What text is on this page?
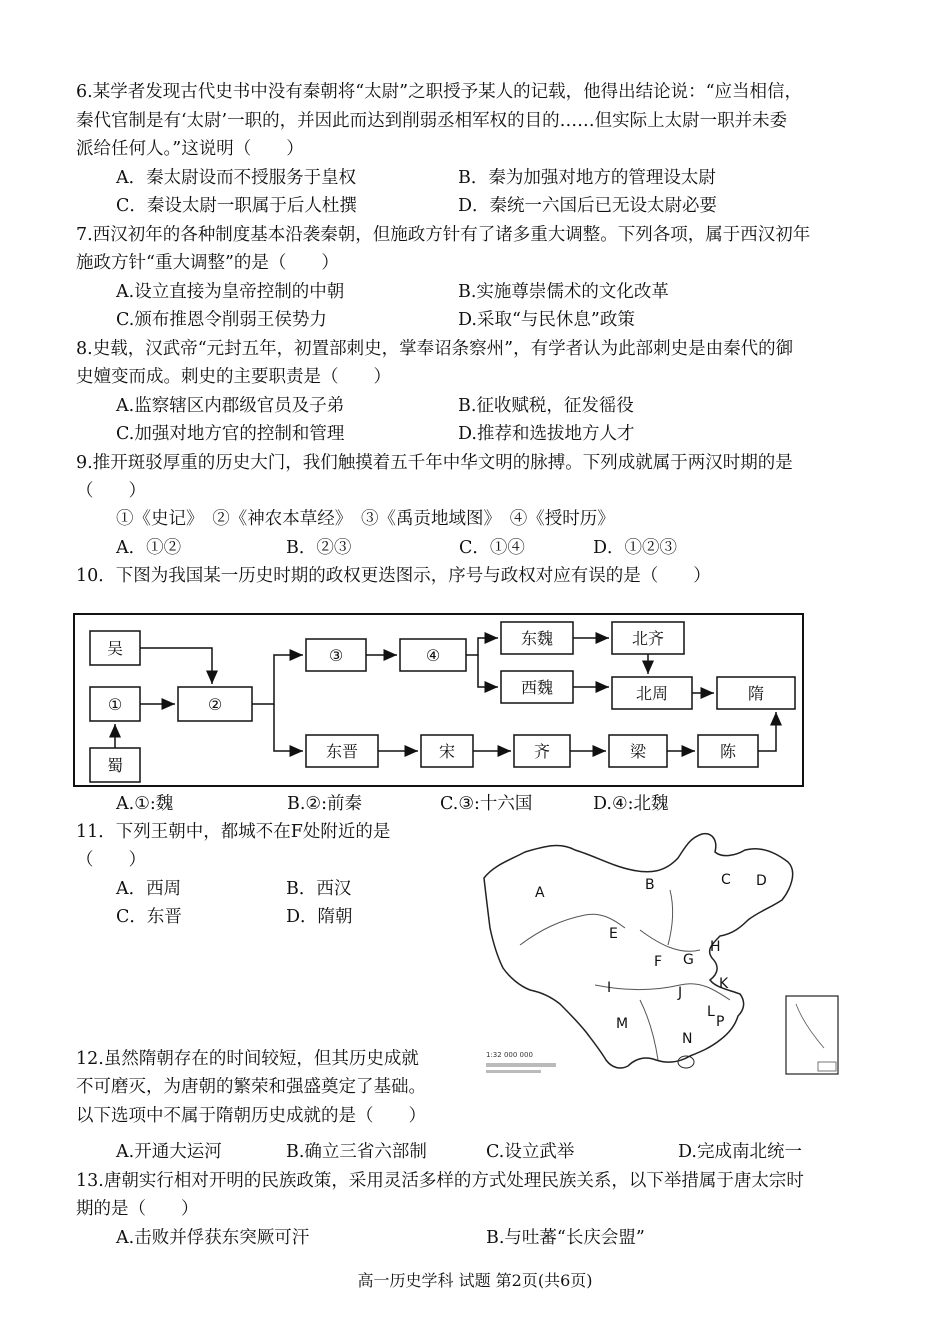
6.某学者发现古代史书中没有秦朝将“太尉”之职授予某人的记载，他得出结论说：“应当相信，
秦代官制是有‘太尉’一职的，并因此而达到削弱丞相军权的目的……但实际上太尉一职并未委
派给任何人。”这说明（　　）
A．秦太尉设而不授服务于皇权	B．秦为加强对地方的管理设太尉
C．秦设太尉一职属于后人杜撰	D．秦统一六国后已无设太尉必要
7.西汉初年的各种制度基本沿袭秦朝，但施政方针有了诸多重大调整。下列各项，属于西汉初年
施政方针“重大调整”的是（　　）
A.设立直接为皇帝控制的中朝	B.实施尊崇儒术的文化改革
C.颁布推恩令削弱王侯势力	D.采取“与民休息”政策
8.史载，汉武帝“元封五年，初置部刺史，掌奉诏条察州”，有学者认为此部刺史是由秦代的御
史嬗变而成。刺史的主要职责是（　　）
A.监察辖区内郡级官员及子弟	B.征收赋税，征发徭役
C.加强对地方官的控制和管理	D.推荐和选拔地方人才
9.推开斑驳厚重的历史大门，我们触摸着五千年中华文明的脉搏。下列成就属于两汉时期的是
（　　）
①《史记》　②《神农本草经》　③《禹贡地域图》　④《授时历》
A．①②	B．②③	C．①④	D．①②③
10．下图为我国某一历史时期的政权更迭图示，序号与政权对应有误的是（　　）
吴
①
蜀
②
③	④
东魏
西魏
北齐
北周	隋
东晋	宋	齐	梁	陈
A.①:魏	B.②:前秦	C.③:十六国	D.④:北魏
11．下列王朝中，都城不在F处附近的是
（　　）
A．西周	B．西汉
C．东晋	D．隋朝
1:32 000 000
A	B	C D
E
F G
H
I	J
K
L
M
N
P
12.虽然隋朝存在的时间较短，但其历史成就
不可磨灭，为唐朝的繁荣和强盛奠定了基础。
以下选项中不属于隋朝历史成就的是（　　）
A.开通大运河	B.确立三省六部制	C.设立武举	D.完成南北统一
13.唐朝实行相对开明的民族政策，采用灵活多样的方式处理民族关系，以下举措属于唐太宗时
期的是（　　）
A.击败并俘获东突厥可汗	B.与吐蕃“长庆会盟”
高一历史学科 试题 第2页(共6页)
